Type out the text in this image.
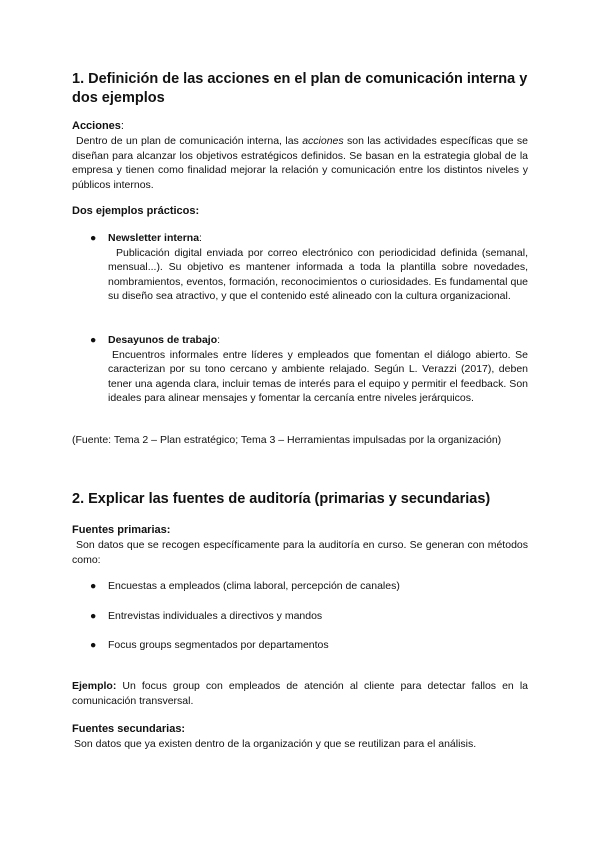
1. Definición de las acciones en el plan de comunicación interna y dos ejemplos
Acciones:

Dentro de un plan de comunicación interna, las acciones son las actividades específicas que se diseñan para alcanzar los objetivos estratégicos definidos. Se basan en la estrategia global de la empresa y tienen como finalidad mejorar la relación y comunicación entre los distintos niveles y públicos internos.

Dos ejemplos prácticos:
● Newsletter interna:
Publicación digital enviada por correo electrónico con periodicidad definida (semanal, mensual...). Su objetivo es mantener informada a toda la plantilla sobre novedades, nombramientos, eventos, formación, reconocimientos o curiosidades. Es fundamental que su diseño sea atractivo, y que el contenido esté alineado con la cultura organizacional.
● Desayunos de trabajo:
Encuentros informales entre líderes y empleados que fomentan el diálogo abierto. Se caracterizan por su tono cercano y ambiente relajado. Según L. Verazzi (2017), deben tener una agenda clara, incluir temas de interés para el equipo y permitir el feedback. Son ideales para alinear mensajes y fomentar la cercanía entre niveles jerárquicos.

(Fuente: Tema 2 – Plan estratégico; Tema 3 – Herramientas impulsadas por la organización)

2. Explicar las fuentes de auditoría (primarias y secundarias)
Fuentes primarias:

Son datos que se recogen específicamente para la auditoría en curso. Se generan con métodos como:

● Encuestas a empleados (clima laboral, percepción de canales)
● Entrevistas individuales a directivos y mandos
● Focus groups segmentados por departamentos

Ejemplo: Un focus group con empleados de atención al cliente para detectar fallos en la comunicación transversal.

Fuentes secundarias:

Son datos que ya existen dentro de la organización y que se reutilizan para el análisis.
